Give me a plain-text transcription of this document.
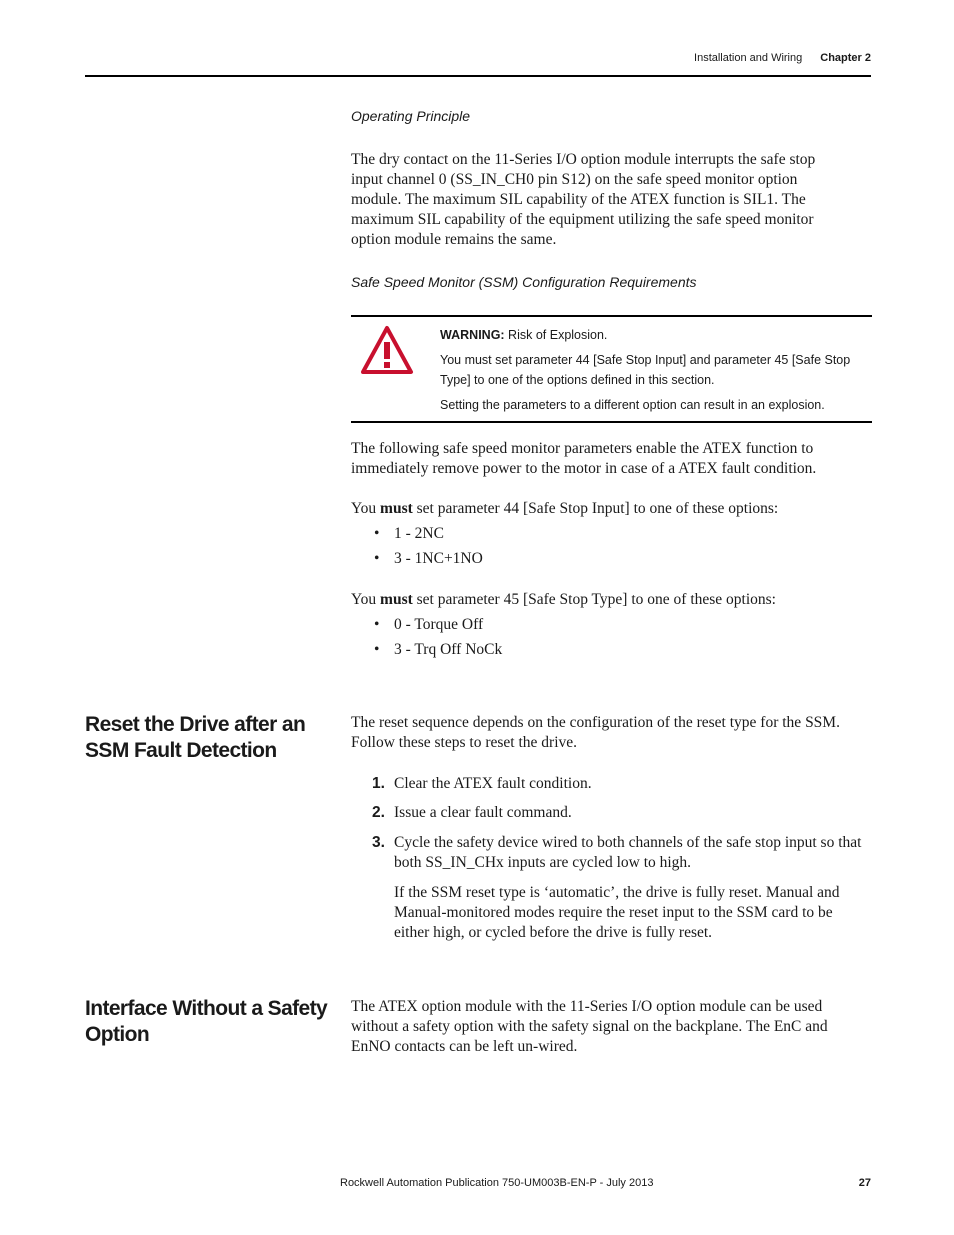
Installation and Wiring Chapter 2
Operating Principle
The dry contact on the 11-Series I/O option module interrupts the safe stop input channel 0 (SS_IN_CH0 pin S12) on the safe speed monitor option module. The maximum SIL capability of the ATEX function is SIL1. The maximum SIL capability of the equipment utilizing the safe speed monitor option module remains the same.
Safe Speed Monitor (SSM) Configuration Requirements

WARNING: Risk of Explosion.

You must set parameter 44 [Safe Stop Input] and parameter 45 [Safe Stop Type] to one of the options defined in this section.

Setting the parameters to a different option can result in an explosion.

The following safe speed monitor parameters enable the ATEX function to immediately remove power to the motor in case of a ATEX fault condition.
You must set parameter 44 [Safe Stop Input] to one of these options:
• 1 - 2NC
• 3 - 1NC+1NO
You must set parameter 45 [Safe Stop Type] to one of these options:
• 0 - Torque Off
• 3 - Trq Off NoCk
Reset the Drive after an SSM Fault Detection
The reset sequence depends on the configuration of the reset type for the SSM. Follow these steps to reset the drive.
1. Clear the ATEX fault condition.
2. Issue a clear fault command.
3. Cycle the safety device wired to both channels of the safe stop input so that both SS_IN_CHx inputs are cycled low to high.
If the SSM reset type is ‘automatic’, the drive is fully reset. Manual and Manual-monitored modes require the reset input to the SSM card to be either high, or cycled before the drive is fully reset.
Interface Without a Safety Option
The ATEX option module with the 11-Series I/O option module can be used without a safety option with the safety signal on the backplane. The EnC and EnNO contacts can be left un-wired.
Rockwell Automation Publication 750-UM003B-EN-P - July 2013	27
